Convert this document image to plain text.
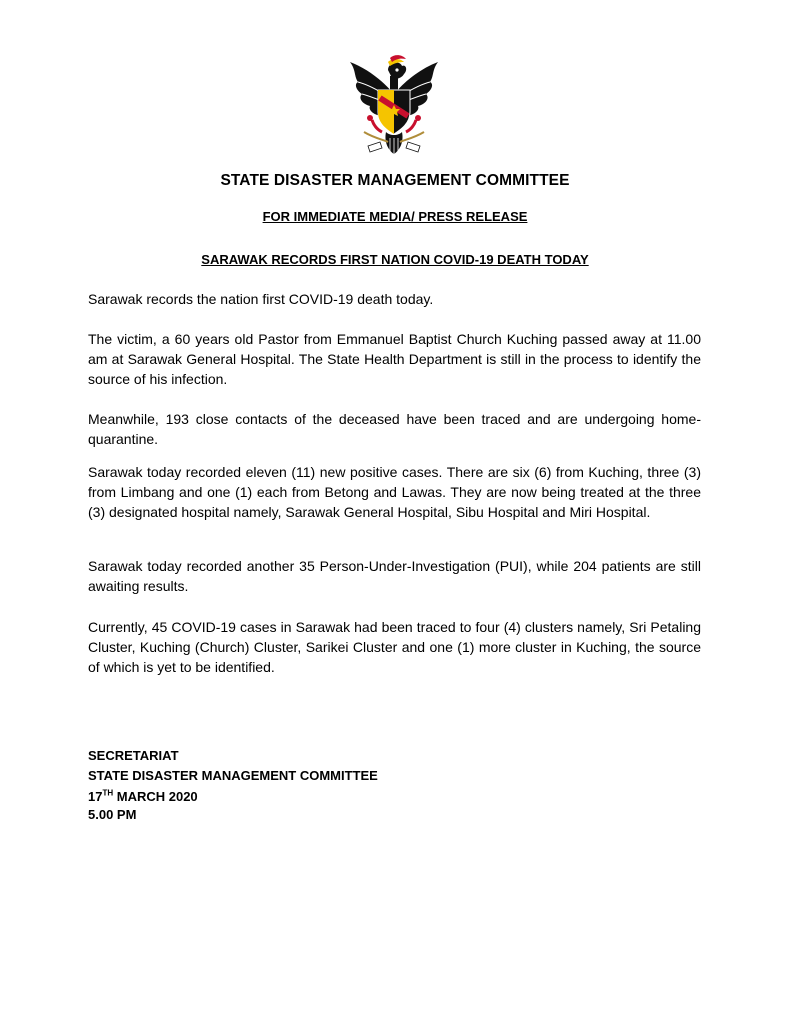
STATE DISASTER MANAGEMENT COMMITTEE
FOR IMMEDIATE MEDIA/ PRESS RELEASE
SARAWAK RECORDS FIRST NATION COVID-19 DEATH TODAY

Sarawak records the nation first COVID-19 death today.

The victim, a 60 years old Pastor from Emmanuel Baptist Church Kuching passed away at 11.00 am at Sarawak General Hospital. The State Health Department is still in the process to identify the source of his infection.

Meanwhile, 193 close contacts of the deceased have been traced and are undergoing home-quarantine.

Sarawak today recorded eleven (11) new positive cases. There are six (6) from Kuching, three (3) from Limbang and one (1) each from Betong and Lawas. They are now being treated at the three (3) designated hospital namely, Sarawak General Hospital, Sibu Hospital and Miri Hospital.

Sarawak today recorded another 35 Person-Under-Investigation (PUI), while 204 patients are still awaiting results.

Currently, 45 COVID-19 cases in Sarawak had been traced to four (4) clusters namely, Sri Petaling Cluster, Kuching (Church) Cluster, Sarikei Cluster and one (1) more cluster in Kuching, the source of which is yet to be identified.

SECRETARIAT
STATE DISASTER MANAGEMENT COMMITTEE
17TH MARCH 2020
5.00 PM
